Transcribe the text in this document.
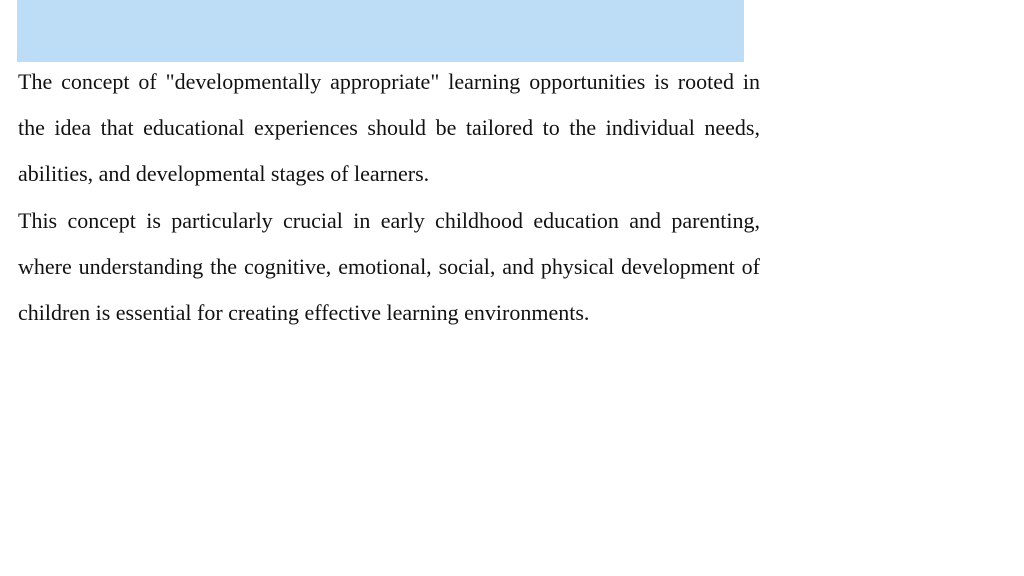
The concept of "developmentally appropriate" learning opportunities is rooted in the idea that educational experiences should be tailored to the individual needs, abilities, and developmental stages of learners.

This concept is particularly crucial in early childhood education and parenting, where understanding the cognitive, emotional, social, and physical development of children is essential for creating effective learning environments.
